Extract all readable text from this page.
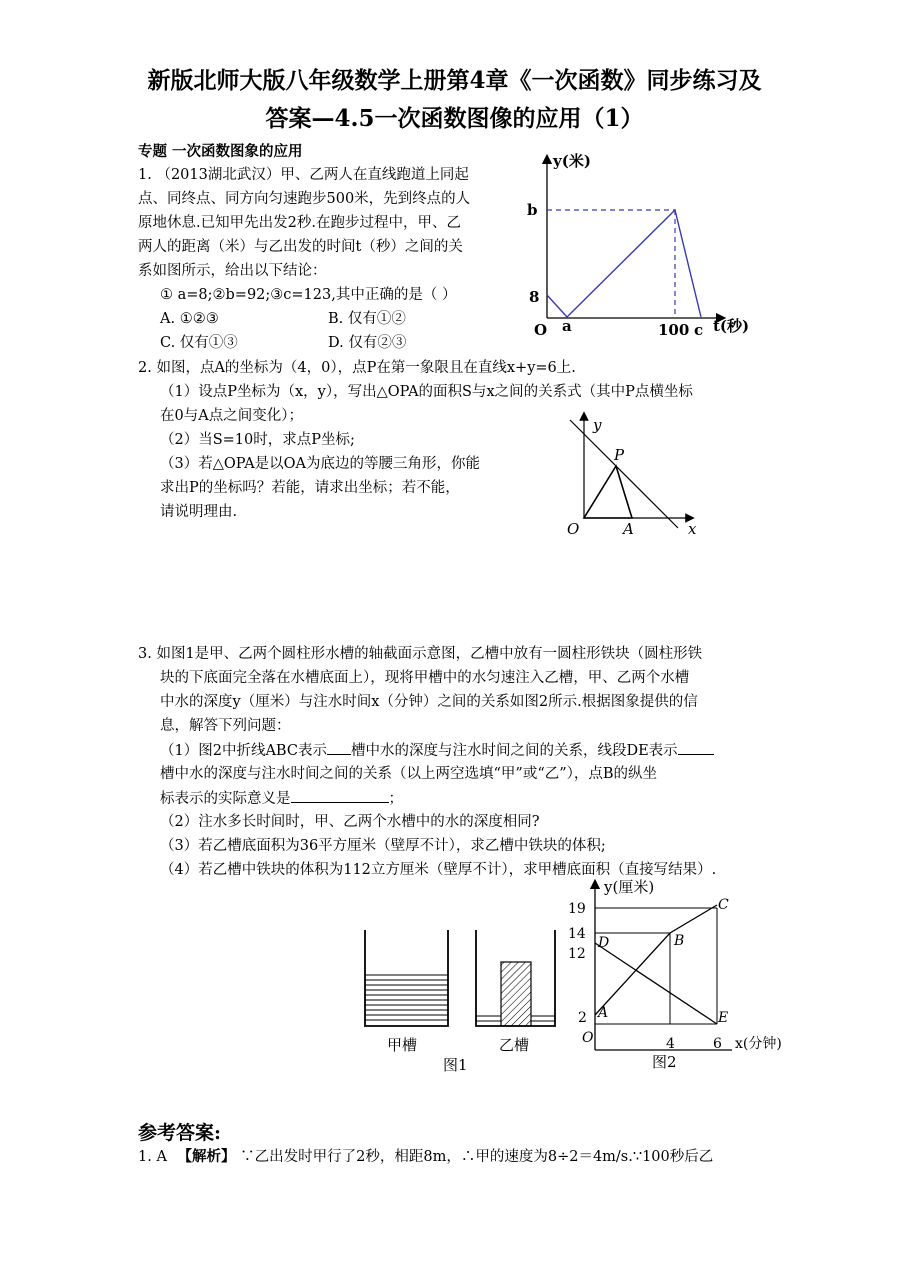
新版北师大版八年级数学上册第4章《一次函数》同步练习及
答案—4.5一次函数图像的应用（1）
专题 一次函数图象的应用
1. （2013湖北武汉）甲、乙两人在直线跑道上同起
点、同终点、同方向匀速跑步500米，先到终点的人
原地休息.已知甲先出发2秒.在跑步过程中，甲、乙
两人的距离（米）与乙出发的时间t（秒）之间的关
系如图所示，给出以下结论：
① a=8;②b=92;③c=123,其中正确的是（ ）
A. ①②③	B. 仅有①②
C. 仅有①③	D. 仅有②③
y(米)
b
8
O a	100 c t(秒)
2. 如图，点A的坐标为（4，0），点P在第一象限且在直线x+y=6上.
（1）设点P坐标为（x，y），写出△OPA的面积S与x之间的关系式（其中P点横坐标
在0与A点之间变化）；
（2）当S=10时，求点P坐标;
（3）若△OPA是以OA为底边的等腰三角形，你能
求出P的坐标吗？若能，请求出坐标；若不能，
请说明理由.
y
P
O	A	x
3. 如图1是甲、乙两个圆柱形水槽的轴截面示意图，乙槽中放有一圆柱形铁块（圆柱形铁
块的下底面完全落在水槽底面上），现将甲槽中的水匀速注入乙槽，甲、乙两个水槽
中水的深度y（厘米）与注水时间x（分钟）之间的关系如图2所示.根据图象提供的信
息，解答下列问题：
（1）图2中折线ABC表示 槽中水的深度与注水时间之间的关系，线段DE表示
槽中水的深度与注水时间之间的关系（以上两空选填“甲”或“乙”），点B的纵坐
标表示的实际意义是	；
（2）注水多长时间时，甲、乙两个水槽中的水的深度相同?
（3）若乙槽底面积为36平方厘米（壁厚不计），求乙槽中铁块的体积;
（4）若乙槽中铁块的体积为112立方厘米（壁厚不计），求甲槽底面积（直接写结果）.
甲槽	乙槽
图1
y(厘米)
19
14
12
2
O
A
B
C
D
E
4	6 x(分钟)
图2
参考答案:
1. A 【解析】 ∵乙出发时甲行了2秒，相距8m，∴甲的速度为8÷2＝4m/s.∵100秒后乙
